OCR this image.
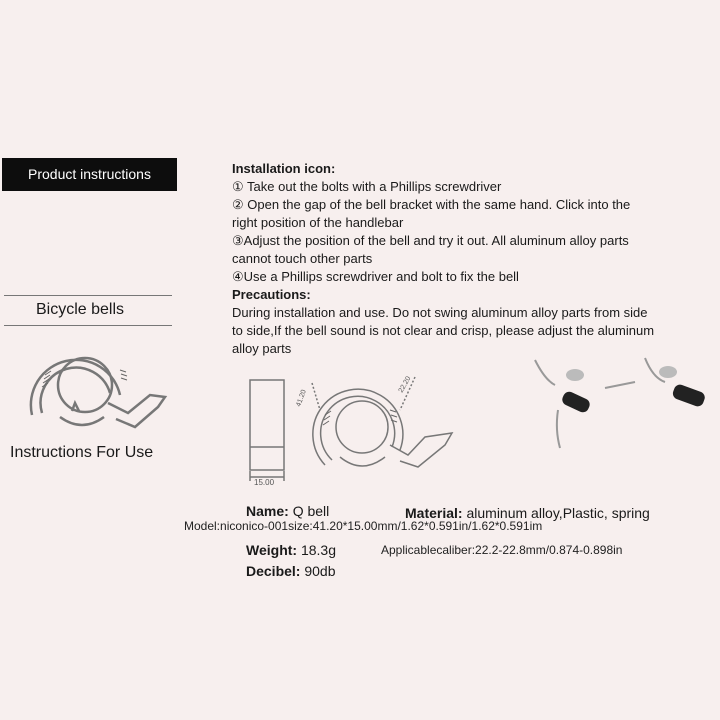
Product instructions
Bicycle bells
Instructions For Use
Installation icon:
① Take out the bolts with a Phillips screwdriver
② Open the gap of the bell bracket with the same hand. Click into the
right position of the handlebar
③Adjust the position of the bell and try it out. All aluminum alloy parts
cannot touch other parts
④Use a Phillips screwdriver and bolt to fix the bell
Precautions:
During installation and use. Do not swing aluminum alloy parts from side
to side,If the bell sound is not clear and crisp, please adjust the aluminum
alloy parts
15.00
41.20
22.20
Name: Q bell	Material: aluminum alloy,Plastic, spring
Model:niconico-001size:41.20*15.00mm/1.62*0.591in/1.62*0.591im
Weight: 18.3g	Applicablecaliber:22.2-22.8mm/0.874-0.898in
Decibel: 90db
